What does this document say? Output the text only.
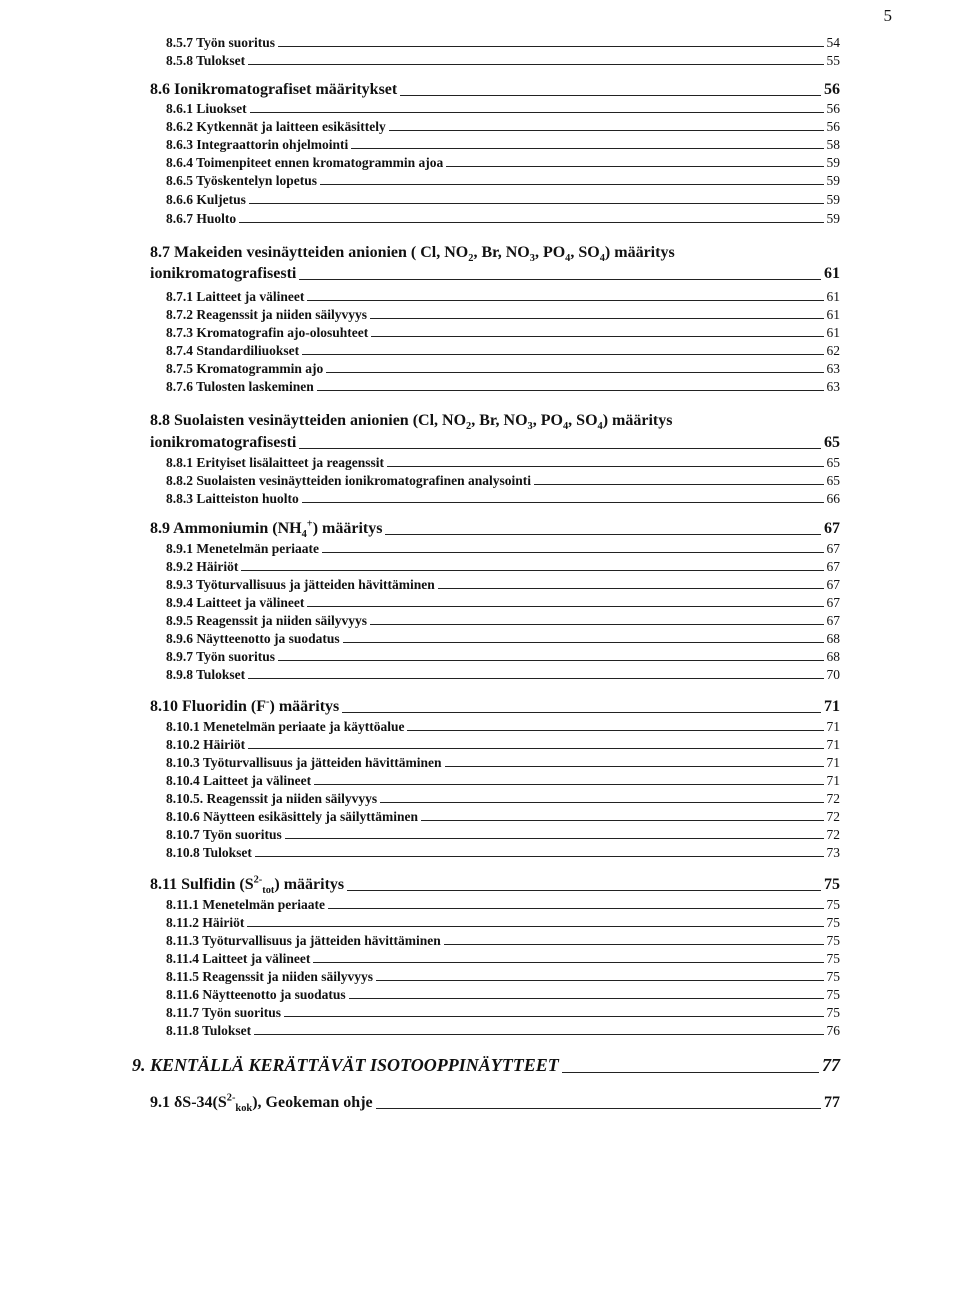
5
8.5.7 Työn suoritus	54
8.5.8 Tulokset	55
8.6 Ionikromatografiset määritykset	56
8.6.1 Liuokset	56
8.6.2 Kytkennät ja laitteen esikäsittely	56
8.6.3 Integraattorin ohjelmointi	58
8.6.4 Toimenpiteet ennen kromatogrammin ajoa	59
8.6.5 Työskentelyn lopetus	59
8.6.6 Kuljetus	59
8.6.7 Huolto	59
8.7 Makeiden vesinäytteiden anionien ( Cl, $NO_2$, Br, $NO_3$, $PO_4$, $SO_4$) määritys
ionikromatografisesti	61
8.7.1 Laitteet ja välineet	61
8.7.2 Reagenssit ja niiden säilyvyys	61
8.7.3 Kromatografin ajo-olosuhteet	61
8.7.4 Standardiliuokset	62
8.7.5 Kromatogrammin ajo	63
8.7.6 Tulosten laskeminen	63
8.8 Suolaisten vesinäytteiden anionien (Cl, $NO_2$, Br, $NO_3$, $PO_4$, $SO_4$) määritys
ionikromatografisesti	65
8.8.1 Erityiset lisälaitteet ja reagenssit	65
8.8.2 Suolaisten vesinäytteiden ionikromatografinen analysointi	65
8.8.3 Laitteiston huolto	66
8.9 Ammoniumin $(NH_4^+)$ määritys	67
8.9.1 Menetelmän periaate	67
8.9.2 Häiriöt	67
8.9.3 Työturvallisuus ja jätteiden hävittäminen	67
8.9.4 Laitteet ja välineet	67
8.9.5 Reagenssit ja niiden säilyvyys	67
8.9.6 Näytteenotto ja suodatus	68
8.9.7 Työn suoritus	68
8.9.8 Tulokset	70
8.10 Fluoridin (F-) määritys	71
8.10.1 Menetelmän periaate ja käyttöalue	71
8.10.2 Häiriöt	71
8.10.3 Työturvallisuus ja jätteiden hävittäminen	71
8.10.4 Laitteet ja välineet	71
8.10.5. Reagenssit ja niiden säilyvyys	72
8.10.6 Näytteen esikäsittely ja säilyttäminen	72
8.10.7 Työn suoritus	72
8.10.8 Tulokset	73
8.11 Sulfidin $(S^{2-}_{tot})$ määritys	75
8.11.1 Menetelmän periaate	75
8.11.2 Häiriöt	75
8.11.3 Työturvallisuus ja jätteiden hävittäminen	75
8.11.4 Laitteet ja välineet	75
8.11.5 Reagenssit ja niiden säilyvyys	75
8.11.6 Näytteenotto ja suodatus	75
8.11.7 Työn suoritus	75
8.11.8 Tulokset	76
9. KENTÄLLÄ KERÄTTÄVÄT ISOTOOPPINÄYTTEET	77
9.1 $\delta S-34(S^{2-}_{kok})$, Geokeman ohje	77
